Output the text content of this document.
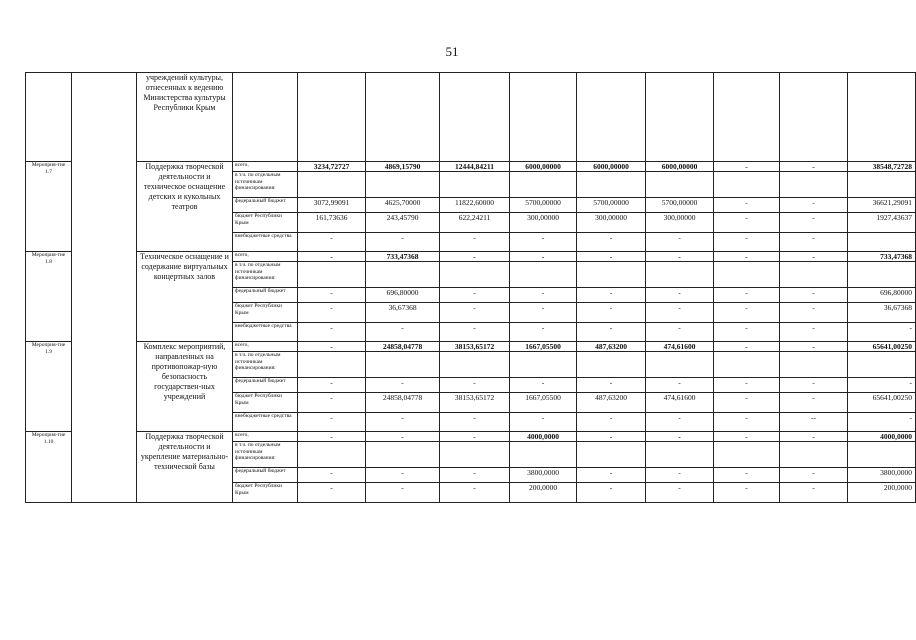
51
		учреждений культуры, отнесенных к ведению Министерства культуры Республики Крым										
Мероприя-тие 1.7		Поддержка творческой деятельности и техническое оснащение детских и кукольных театров	всего,	3234,72727	4869,15790	12444,84211	6000,00000	6000,00000	6000,00000	-	-	38548,72728
			в т.ч. по отдельным источникам финансирования:									
			федеральный бюджет	3072,99091	4625,70000	11822,60000	5700,00000	5700,00000	5700,00000	-	-	36621,29091
			бюджет Республики Крым	161,73636	243,45790	622,24211	300,00000	300,00000	300,00000	-	-	1927,43637
			внебюджетные средства	-	-	-	-	-	-	-	-	
Мероприя-тие 1.8		Техническое оснащение и содержание виртуальных концертных залов	всего,	-	733,47368	-	-	-	-	-	-	733,47368
			в т.ч. по отдельным источникам финансирования:									
			федеральный бюджет	-	696,80000	-	-	-	-	-	-	696,80000
			бюджет Республики Крым	-	36,67368	-	-	-	-	-	-	36,67368
			внебюджетные средства	-	-	-	-	-	-	-	-	-
Мероприя-тие 1.9		Комплекс мероприятий, направленных на противопожар-ную безопасность государствен-ных учреждений	всего,	-	24858,04778	38153,65172	1667,05500	487,63200	474,61600	-	-	65641,00250
			в т.ч. по отдельным источникам финансирования:									
			федеральный бюджет	-	-	-	-	-	-	-	-	-
			бюджет Республики Крым	-	24858,04778	38153,65172	1667,05500	487,63200	474,61600	-	-	65641,00250
			внебюджетные средства	-	-	-	-	-	-	-	--	-
Мероприя-тие 1.10		Поддержка творческой деятельности и укрепление материально-технической базы	всего,	-	-	-	4000,0000	-	-	-	-	4000,0000
			в т.ч. по отдельным источникам финансирования:									
			федеральный бюджет	-	-	-	3800,0000	-	-	-	-	3800,0000
			бюджет Республики Крым	-	-	-	200,0000	-	-	-	-	200,0000
